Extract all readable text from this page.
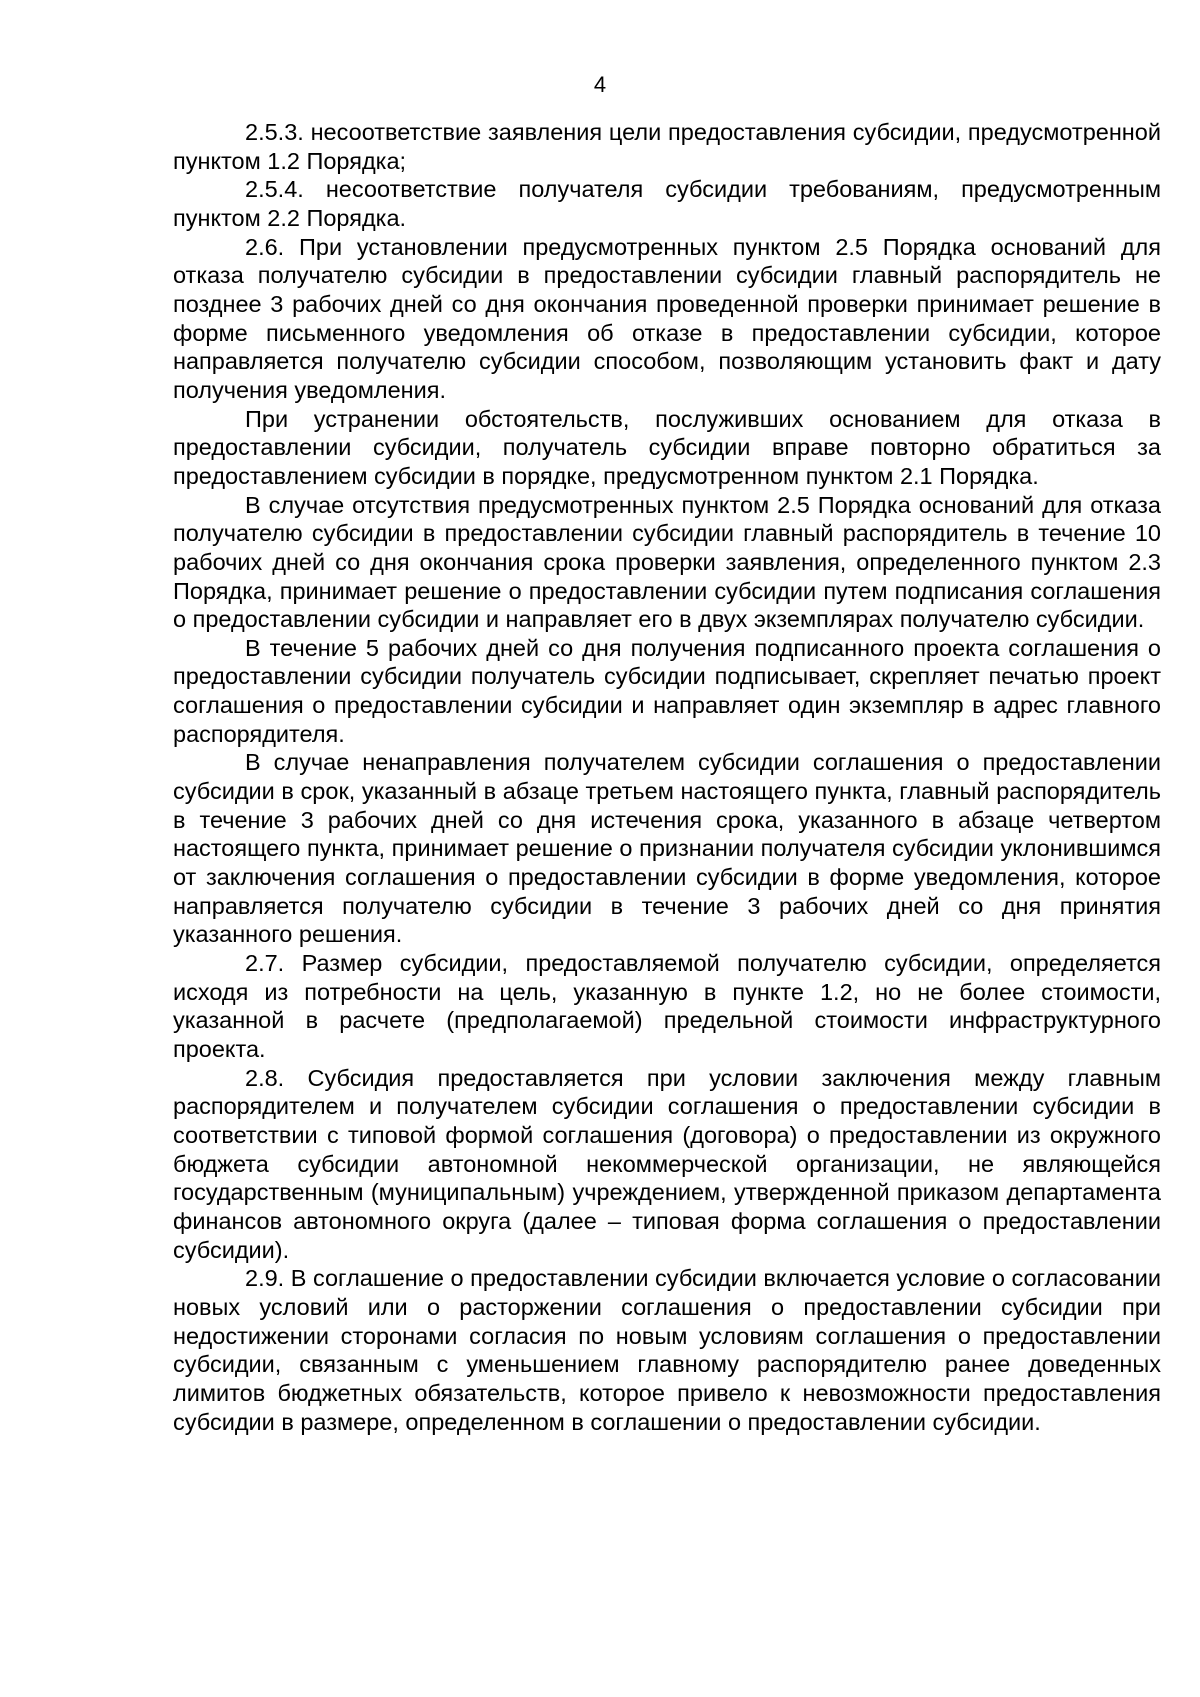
4

2.5.3. несоответствие заявления цели предоставления субсидии, предусмотренной пунктом 1.2 Порядка;

2.5.4. несоответствие получателя субсидии требованиям, предусмотренным пунктом 2.2 Порядка.

2.6. При установлении предусмотренных пунктом 2.5 Порядка оснований для отказа получателю субсидии в предоставлении субсидии главный распорядитель не позднее 3 рабочих дней со дня окончания проведенной проверки принимает решение в форме письменного уведомления об отказе в предоставлении субсидии, которое направляется получателю субсидии способом, позволяющим установить факт и дату получения уведомления.

При устранении обстоятельств, послуживших основанием для отказа в предоставлении субсидии, получатель субсидии вправе повторно обратиться за предоставлением субсидии в порядке, предусмотренном пунктом 2.1 Порядка.

В случае отсутствия предусмотренных пунктом 2.5 Порядка оснований для отказа получателю субсидии в предоставлении субсидии главный распорядитель в течение 10 рабочих дней со дня окончания срока проверки заявления, определенного пунктом 2.3 Порядка, принимает решение о предоставлении субсидии путем подписания соглашения о предоставлении субсидии и направляет его в двух экземплярах получателю субсидии.

В течение 5 рабочих дней со дня получения подписанного проекта соглашения о предоставлении субсидии получатель субсидии подписывает, скрепляет печатью проект соглашения о предоставлении субсидии и направляет один экземпляр в адрес главного распорядителя.

В случае ненаправления получателем субсидии соглашения о предоставлении субсидии в срок, указанный в абзаце третьем настоящего пункта, главный распорядитель в течение 3 рабочих дней со дня истечения срока, указанного в абзаце четвертом настоящего пункта, принимает решение о признании получателя субсидии уклонившимся от заключения соглашения о предоставлении субсидии в форме уведомления, которое направляется получателю субсидии в течение 3 рабочих дней со дня принятия указанного решения.

2.7. Размер субсидии, предоставляемой получателю субсидии, определяется исходя из потребности на цель, указанную в пункте 1.2, но не более стоимости, указанной в расчете (предполагаемой) предельной стоимости инфраструктурного проекта.

2.8. Субсидия предоставляется при условии заключения между главным распорядителем и получателем субсидии соглашения о предоставлении субсидии в соответствии с типовой формой соглашения (договора) о предоставлении из окружного бюджета субсидии автономной некоммерческой организации, не являющейся государственным (муниципальным) учреждением, утвержденной приказом департамента финансов автономного округа (далее – типовая форма соглашения о предоставлении субсидии).

2.9. В соглашение о предоставлении субсидии включается условие о согласовании новых условий или о расторжении соглашения о предоставлении субсидии при недостижении сторонами согласия по новым условиям соглашения о предоставлении субсидии, связанным с уменьшением главному распорядителю ранее доведенных лимитов бюджетных обязательств, которое привело к невозможности предоставления субсидии в размере, определенном в соглашении о предоставлении субсидии.
